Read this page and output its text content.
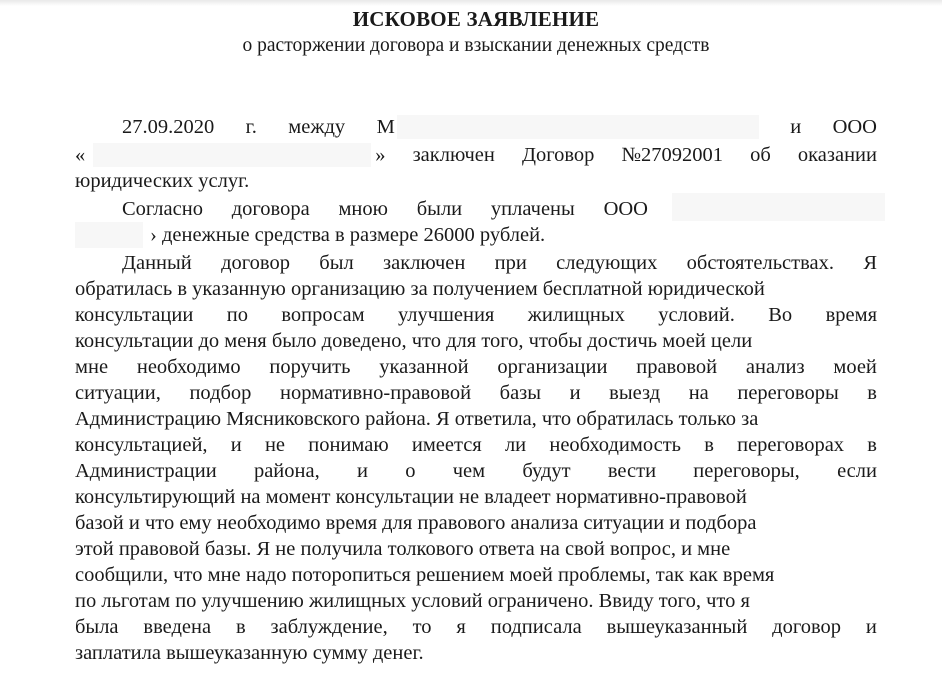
ИСКОВОЕ ЗАЯВЛЕНИЕ
о расторжении договора и взыскании денежных средств
27.09.2020 г. между М	и ООО
«	» заключен Договор №27092001 об оказании
юридических услуг.
Согласно договора мною были уплачены ООО
› денежные средства в размере 26000 рублей.
Данный договор был заключен при следующих обстоятельствах. Я
обратилась в указанную организацию за получением бесплатной юридической
консультации по вопросам улучшения жилищных условий. Во время
консультации до меня было доведено, что для того, чтобы достичь моей цели
мне необходимо поручить указанной организации правовой анализ моей
ситуации, подбор нормативно-правовой базы и выезд на переговоры в
Администрацию Мясниковского района. Я ответила, что обратилась только за
консультацией, и не понимаю имеется ли необходимость в переговорах в
Администрации района, и о чем будут вести переговоры, если
консультирующий на момент консультации не владеет нормативно-правовой
базой и что ему необходимо время для правового анализа ситуации и подбора
этой правовой базы. Я не получила толкового ответа на свой вопрос, и мне
сообщили, что мне надо поторопиться решением моей проблемы, так как время
по льготам по улучшению жилищных условий ограничено. Ввиду того, что я
была введена в заблуждение, то я подписала вышеуказанный договор и
заплатила вышеуказанную сумму денег.
